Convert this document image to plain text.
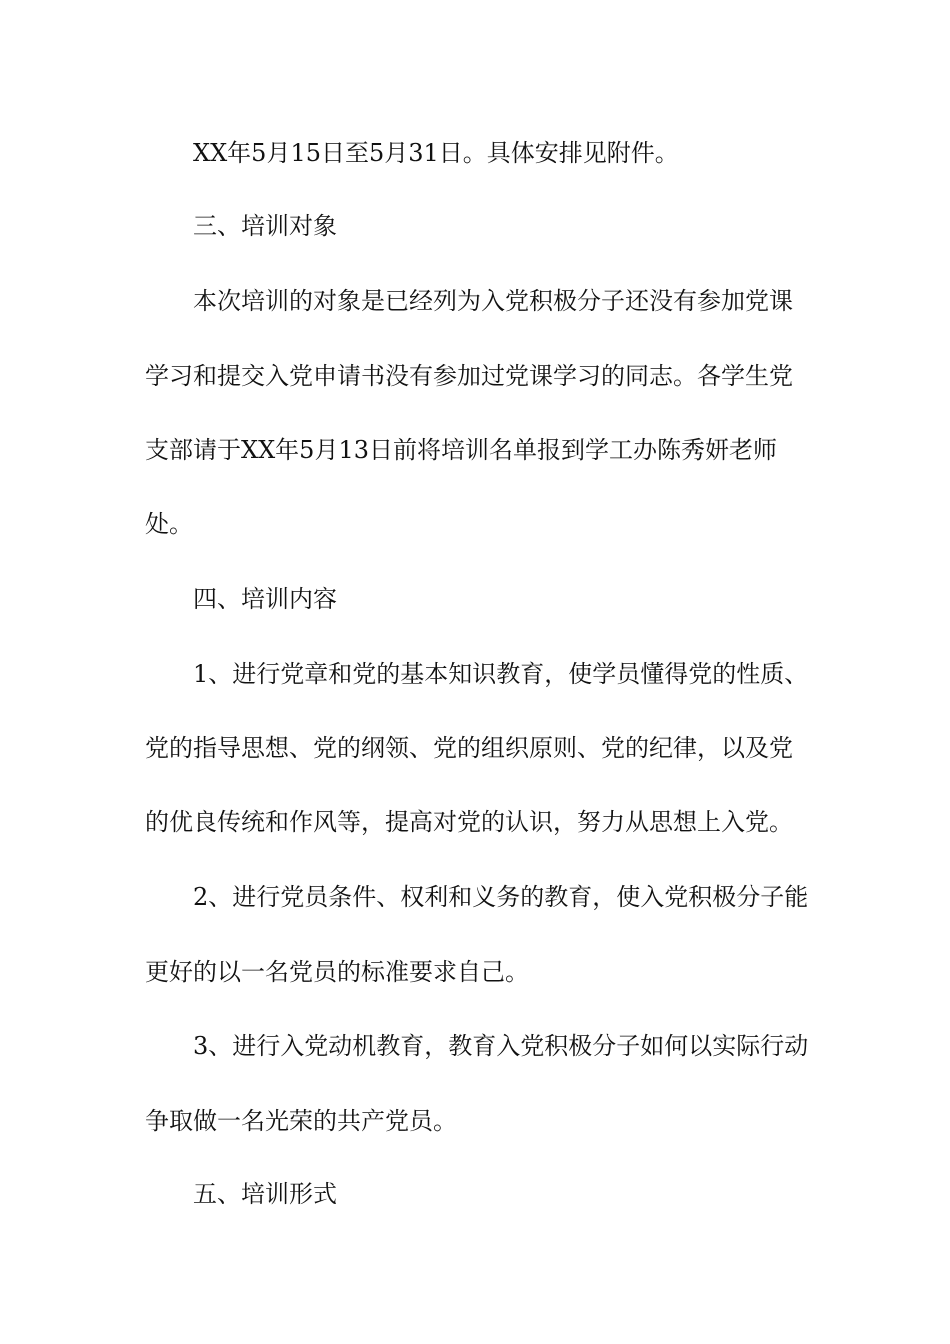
XX年5月15日至5月31日。具体安排见附件。
三、培训对象
本次培训的对象是已经列为入党积极分子还没有参加党课
学习和提交入党申请书没有参加过党课学习的同志。各学生党
支部请于XX年5月13日前将培训名单报到学工办陈秀妍老师
处。
四、培训内容
1、进行党章和党的基本知识教育，使学员懂得党的性质、
党的指导思想、党的纲领、党的组织原则、党的纪律，以及党
的优良传统和作风等，提高对党的认识，努力从思想上入党。
2、进行党员条件、权利和义务的教育，使入党积极分子能
更好的以一名党员的标准要求自己。
3、进行入党动机教育，教育入党积极分子如何以实际行动
争取做一名光荣的共产党员。
五、培训形式
